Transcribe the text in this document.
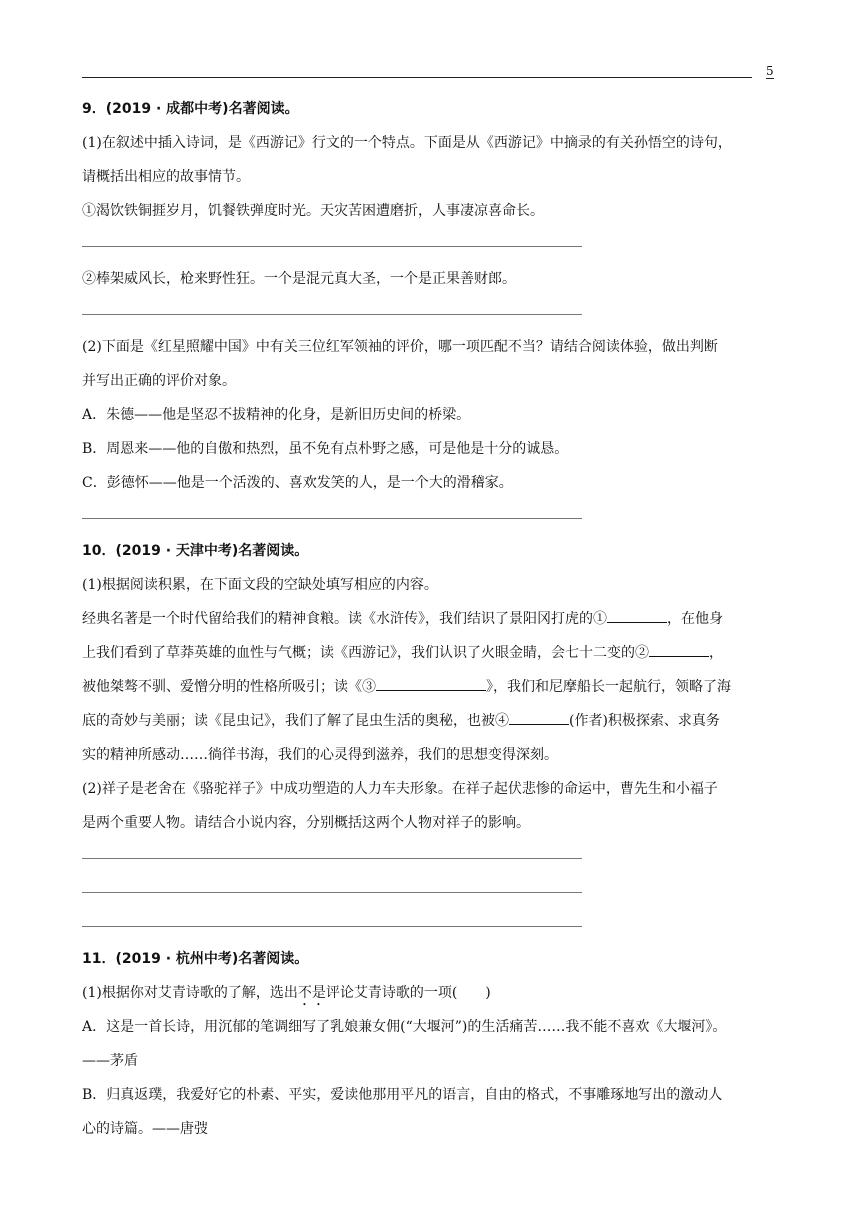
5

9．(2019 · 成都中考)名著阅读。

(1)在叙述中插入诗词，是《西游记》行文的一个特点。下面是从《西游记》中摘录的有关孙悟空的诗句，

请概括出相应的故事情节。

①渴饮铁铜捱岁月，饥餐铁弹度时光。天灾苦困遭磨折，人事凄凉喜命长。

②棒架威风长，枪来野性狂。一个是混元真大圣，一个是正果善财郎。

(2)下面是《红星照耀中国》中有关三位红军领袖的评价，哪一项匹配不当？请结合阅读体验，做出判断

并写出正确的评价对象。

A．朱德——他是坚忍不拔精神的化身，是新旧历史间的桥梁。

B．周恩来——他的自傲和热烈，虽不免有点朴野之感，可是他是十分的诚恳。

C．彭德怀——他是一个活泼的、喜欢发笑的人，是一个大的滑稽家。

10．(2019 · 天津中考)名著阅读。

(1)根据阅读积累，在下面文段的空缺处填写相应的内容。

经典名著是一个时代留给我们的精神食粮。读《水浒传》，我们结识了景阳冈打虎的①	，在他身

上我们看到了草莽英雄的血性与气概；读《西游记》，我们认识了火眼金睛，会七十二变的②	，

被他桀骜不驯、爱憎分明的性格所吸引；读《③	》，我们和尼摩船长一起航行，领略了海

底的奇妙与美丽；读《昆虫记》，我们了解了昆虫生活的奥秘，也被④	(作者)积极探索、求真务

实的精神所感动……徜徉书海，我们的心灵得到滋养，我们的思想变得深刻。

(2)祥子是老舍在《骆驼祥子》中成功塑造的人力车夫形象。在祥子起伏悲惨的命运中，曹先生和小福子

是两个重要人物。请结合小说内容，分别概括这两个人物对祥子的影响。

11．(2019 · 杭州中考)名著阅读。

(1)根据你对艾青诗歌的了解，选出不是评论艾青诗歌的一项(　　)

A．这是一首长诗，用沉郁的笔调细写了乳娘兼女佣(“大堰河”)的生活痛苦……我不能不喜欢《大堰河》。

——茅盾

B．归真返璞，我爱好它的朴素、平实，爱读他那用平凡的语言，自由的格式，不事雕琢地写出的激动人

心的诗篇。——唐弢
